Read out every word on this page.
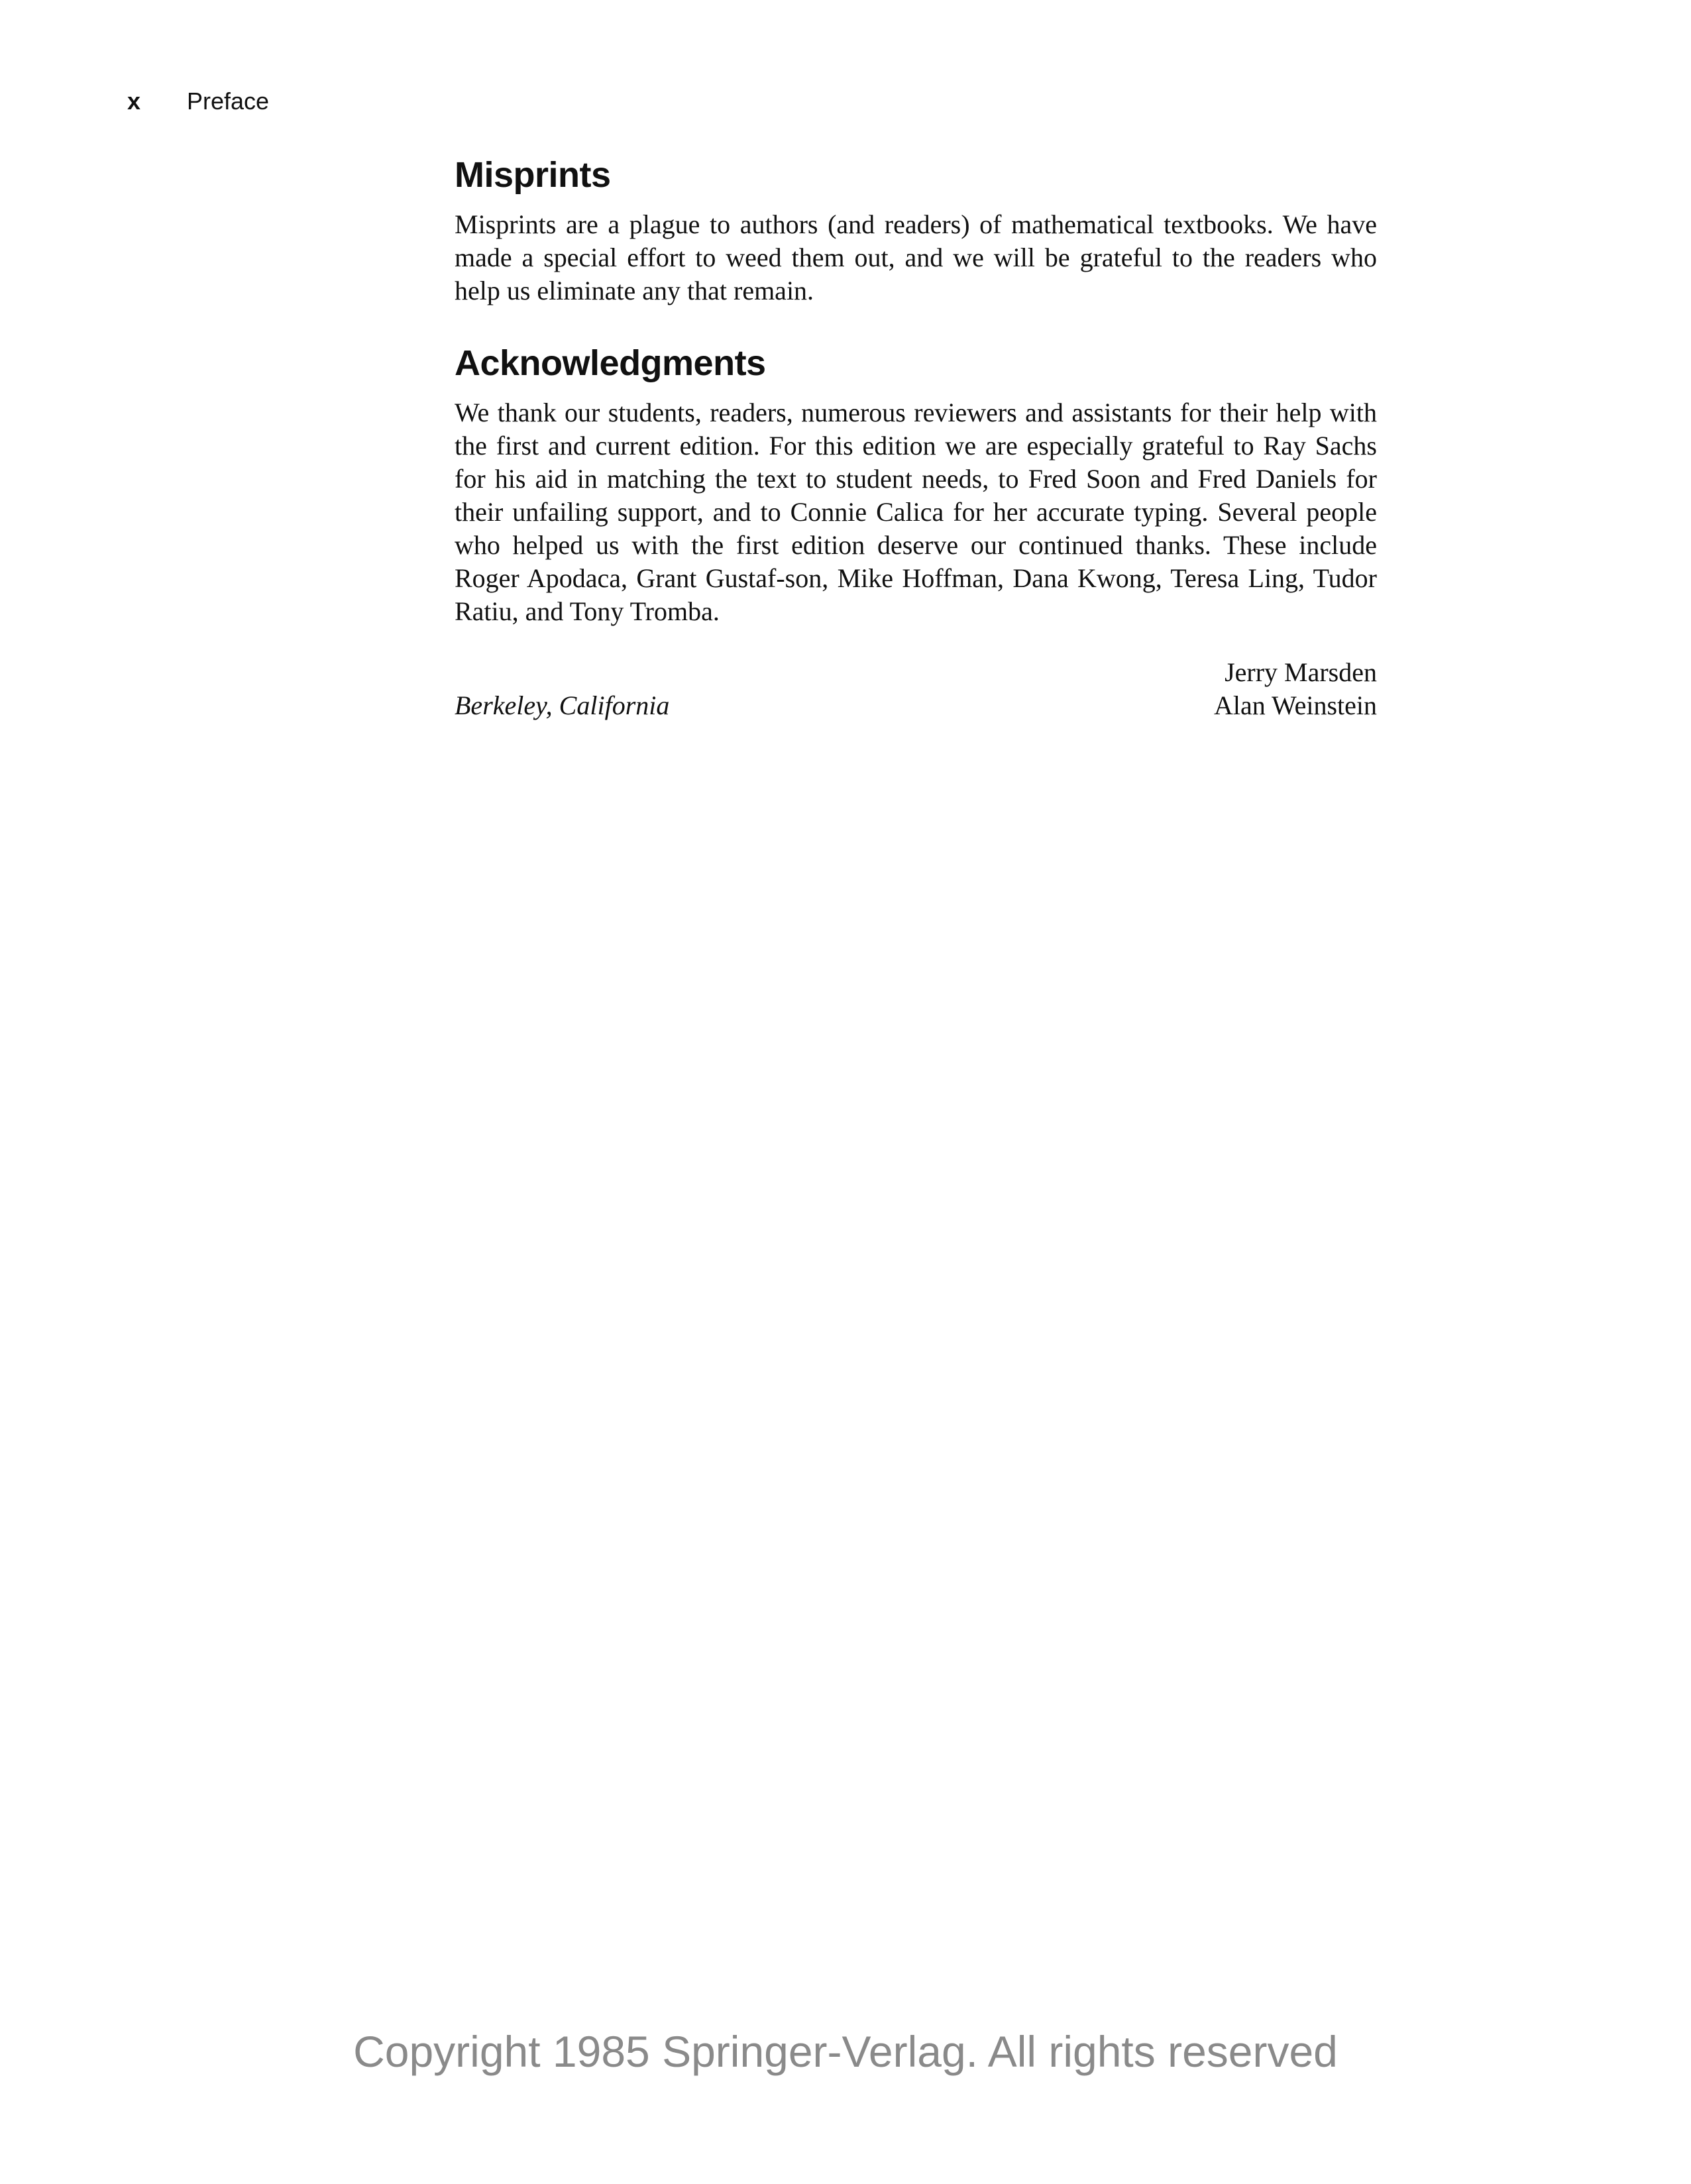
x	Preface
Misprints

Misprints are a plague to authors (and readers) of mathematical textbooks. We have made a special effort to weed them out, and we will be grateful to the readers who help us eliminate any that remain.

Acknowledgments

We thank our students, readers, numerous reviewers and assistants for their help with the first and current edition. For this edition we are especially grateful to Ray Sachs for his aid in matching the text to student needs, to Fred Soon and Fred Daniels for their unfailing support, and to Connie Calica for her accurate typing. Several people who helped us with the first edition deserve our continued thanks. These include Roger Apodaca, Grant Gustaf-son, Mike Hoffman, Dana Kwong, Teresa Ling, Tudor Ratiu, and Tony Tromba.

Berkeley, California
Jerry Marsden
Alan Weinstein
Copyright 1985 Springer-Verlag. All rights reserved
